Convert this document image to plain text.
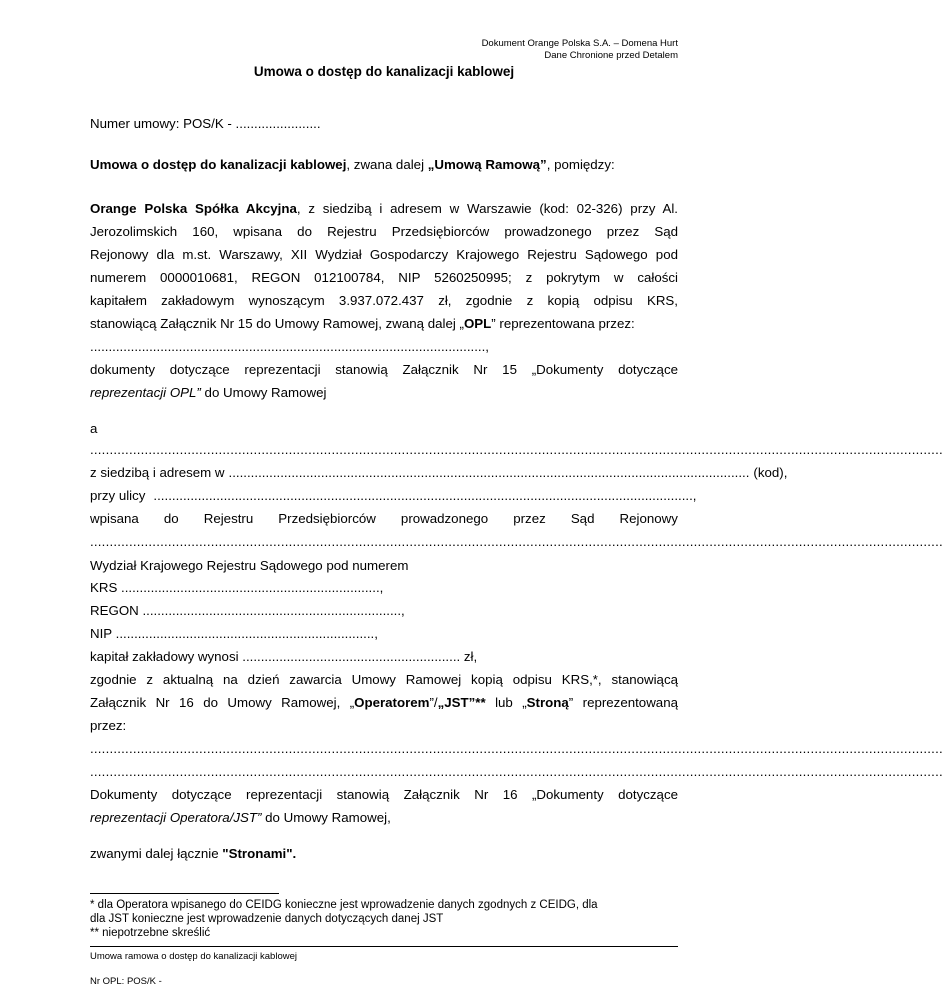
Dokument Orange Polska S.A. – Domena Hurt
Dane Chronione przed Detalem
Umowa o dostęp do kanalizacji kablowej
Numer umowy: POS/K - .......................
Umowa o dostęp do kanalizacji kablowej, zwana dalej „Umową Ramową”, pomiędzy:
Orange Polska Spółka Akcyjna, z siedzibą i adresem w Warszawie (kod: 02-326) przy Al.
Jerozolimskich 160, wpisana do Rejestru Przedsiębiorców prowadzonego przez Sąd
Rejonowy dla m.st. Warszawy, XII Wydział Gospodarczy Krajowego Rejestru Sądowego pod
numerem 0000010681, REGON 012100784, NIP 5260250995; z pokrytym w całości
kapitałem zakładowym wynoszącym 3.937.072.437 zł, zgodnie z kopią odpisu KRS,
stanowiącą Załącznik Nr 15 do Umowy Ramowej, zwaną dalej „OPL” reprezentowana przez:
...........................................................................................................,
dokumenty dotyczące reprezentacji stanowią Załącznik Nr 15 „Dokumenty dotyczące
reprezentacji OPL” do Umowy Ramowej
a
.....
z siedzibą i adresem w ............................................................................................................................................. (kod),
przy ulicy ..................................................................................................................................................,
wpisana do Rejestru Przedsiębiorców prowadzonego przez Sąd Rejonowy
.....
Wydział Krajowego Rejestru Sądowego pod numerem
KRS ......................................................................,
REGON ......................................................................,
NIP ......................................................................,
kapitał zakładowy wynosi ........................................................... zł,
zgodnie z aktualną na dzień zawarcia Umowy Ramowej kopią odpisu KRS,*, stanowiącą
Załącznik Nr 16 do Umowy Ramowej, „Operatorem”/„JST”** lub „Stroną” reprezentowaną
przez:
.....
.....
Dokumenty dotyczące reprezentacji stanowią Załącznik Nr 16 „Dokumenty dotyczące
reprezentacji Operatora/JST” do Umowy Ramowej,
zwanymi dalej łącznie "Stronami".
* dla Operatora wpisanego do CEIDG konieczne jest wprowadzenie danych zgodnych z CEIDG, dla
dla JST konieczne jest wprowadzenie danych dotyczących danej JST
** niepotrzebne skreślić
Umowa ramowa o dostęp do kanalizacji kablowej
Nr OPL: POS/K -
